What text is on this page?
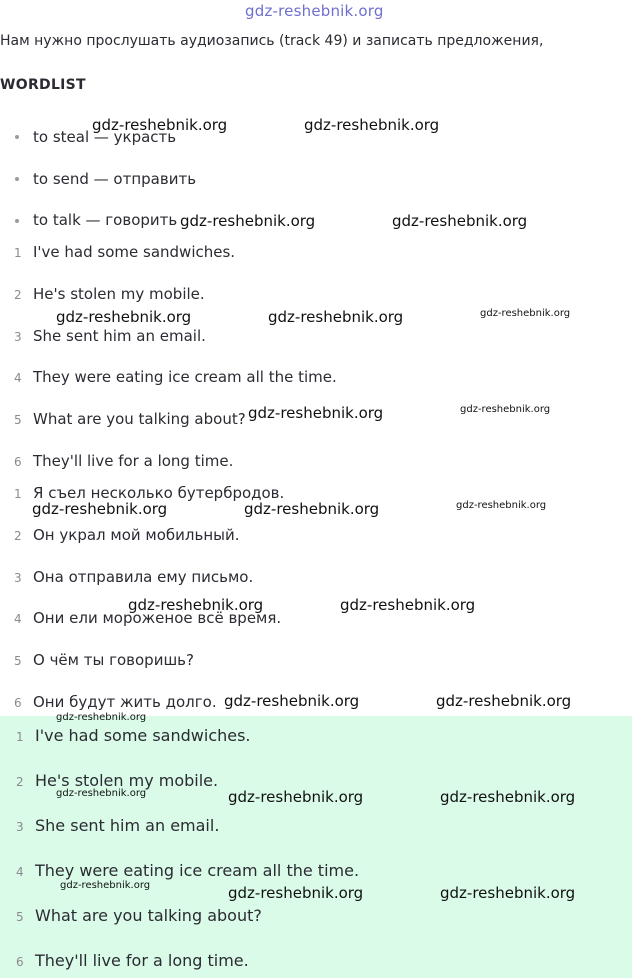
gdz-reshebnik.org
Нам нужно прослушать аудиозапись (track 49) и записать предложения,
WORDLIST
to steal — украсть
to send — отправить
to talk — говорить
1 I've had some sandwiches.
2 He's stolen my mobile.
3 She sent him an email.
4 They were eating ice cream all the time.
5 What are you talking about?
6 They'll live for a long time.
1 Я съел несколько бутербродов.
2 Он украл мой мобильный.
3 Она отправила ему письмо.
4 Они ели мороженое всё время.
5 О чём ты говоришь?
6 Они будут жить долго.
1 I've had some sandwiches.
2 He's stolen my mobile.
3 She sent him an email.
4 They were eating ice cream all the time.
5 What are you talking about?
6 They'll live for a long time.
gdz-reshebnik.org	gdz-reshebnik.org
gdz-reshebnik.org	gdz-reshebnik.org
gdz-reshebnik.org	gdz-reshebnik.org	gdz-reshebnik.org
gdz-reshebnik.org	gdz-reshebnik.org
gdz-reshebnik.org	gdz-reshebnik.org	gdz-reshebnik.org
gdz-reshebnik.org	gdz-reshebnik.org
gdz-reshebnik.org	gdz-reshebnik.org
gdz-reshebnik.org
gdz-reshebnik.org	gdz-reshebnik.org	gdz-reshebnik.org
gdz-reshebnik.org	gdz-reshebnik.org	gdz-reshebnik.org
